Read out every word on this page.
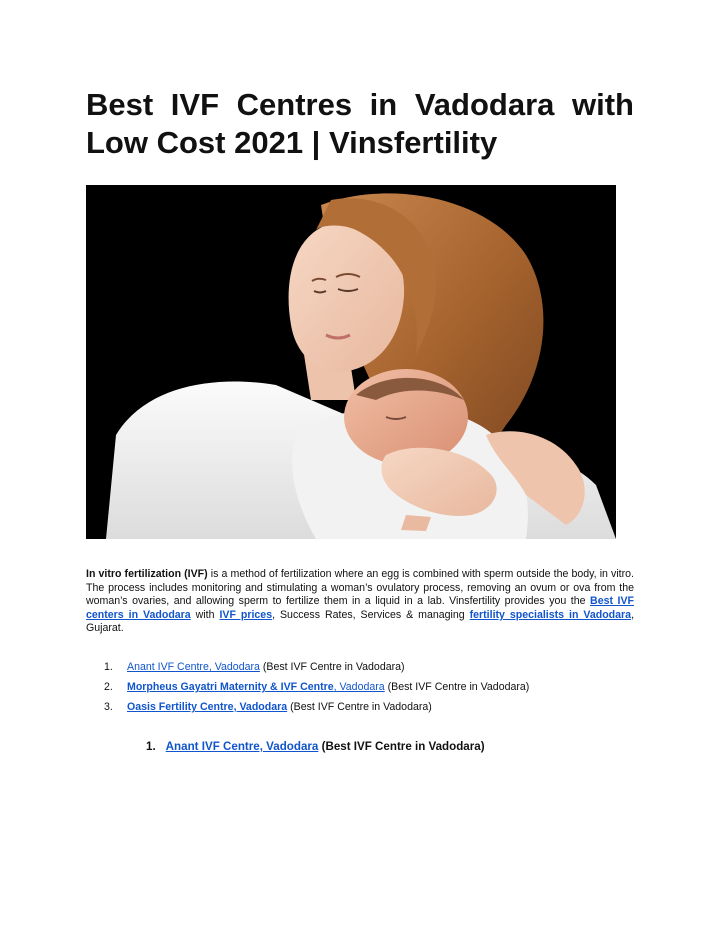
Best IVF Centres in Vadodara with Low Cost 2021 | Vinsfertility

In vitro fertilization (IVF) is a method of fertilization where an egg is combined with sperm outside the body, in vitro. The process includes monitoring and stimulating a woman’s ovulatory process, removing an ovum or ova from the woman’s ovaries, and allowing sperm to fertilize them in a liquid in a lab. Vinsfertility provides you the Best IVF centers in Vadodara with IVF prices, Success Rates, Services & managing fertility specialists in Vadodara, Gujarat.

1. Anant IVF Centre, Vadodara (Best IVF Centre in Vadodara)
2. Morpheus Gayatri Maternity & IVF Centre, Vadodara (Best IVF Centre in Vadodara)
3. Oasis Fertility Centre, Vadodara (Best IVF Centre in Vadodara)
1. Anant IVF Centre, Vadodara (Best IVF Centre in Vadodara)
